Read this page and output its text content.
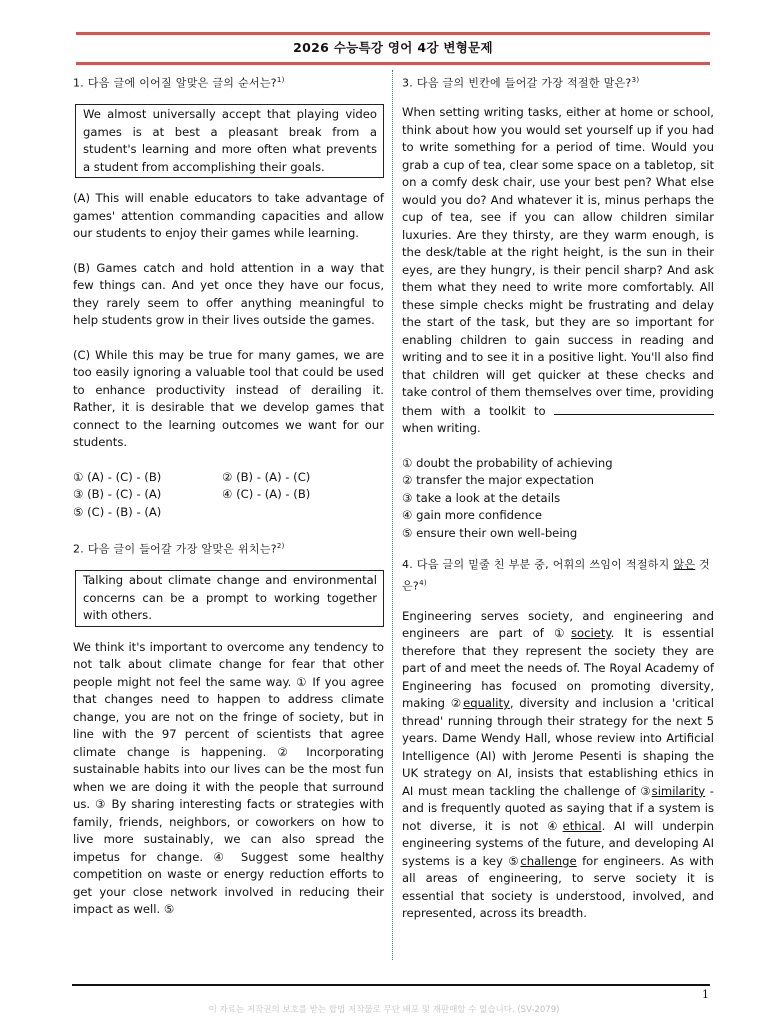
2026 수능특강 영어 4강 변형문제
1. 다음 글에 이어질 알맞은 글의 순서는?$^{1)}$
We almost universally accept that playing video games is at best a pleasant break from a student's learning and more often what prevents a student from accomplishing their goals.
(A) This will enable educators to take advantage of games' attention commanding capacities and allow our students to enjoy their games while learning.
(B) Games catch and hold attention in a way that few things can. And yet once they have our focus, they rarely seem to offer anything meaningful to help students grow in their lives outside the games.
(C) While this may be true for many games, we are too easily ignoring a valuable tool that could be used to enhance productivity instead of derailing it. Rather, it is desirable that we develop games that connect to the learning outcomes we want for our students.
① (A) - (C) - (B)	② (B) - (A) - (C)
③ (B) - (C) - (A)	④ (C) - (A) - (B)
⑤ (C) - (B) - (A)
2. 다음 글이 들어갈 가장 알맞은 위치는?$^{2)}$
Talking about climate change and environmental concerns can be a prompt to working together with others.
We think it's important to overcome any tendency to not talk about climate change for fear that other people might not feel the same way. ① If you agree that changes need to happen to address climate change, you are not on the fringe of society, but in line with the 97 percent of scientists that agree climate change is happening. ② Incorporating sustainable habits into our lives can be the most fun when we are doing it with the people that surround us. ③ By sharing interesting facts or strategies with family, friends, neighbors, or coworkers on how to live more sustainably, we can also spread the impetus for change. ④ Suggest some healthy competition on waste or energy reduction efforts to get your close network involved in reducing their impact as well. ⑤
3. 다음 글의 빈칸에 들어갈 가장 적절한 말은?$^{3)}$
When setting writing tasks, either at home or school, think about how you would set yourself up if you had to write something for a period of time. Would you grab a cup of tea, clear some space on a tabletop, sit on a comfy desk chair, use your best pen? What else would you do? And whatever it is, minus perhaps the cup of tea, see if you can allow children similar luxuries. Are they thirsty, are they warm enough, is the desk/table at the right height, is the sun in their eyes, are they hungry, is their pencil sharp? And ask them what they need to write more comfortably. All these simple checks might be frustrating and delay the start of the task, but they are so important for enabling children to gain success in reading and writing and to see it in a positive light. You'll also find that children will get quicker at these checks and take control of them themselves over time, providing them with a toolkit to  when writing.
① doubt the probability of achieving
② transfer the major expectation
③ take a look at the details
④ gain more confidence
⑤ ensure their own well-being
4. 다음 글의 밑줄 친 부분 중, 어휘의 쓰임이 적절하지 않은 것은?$^{4)}$
Engineering serves society, and engineering and engineers are part of ①society. It is essential therefore that they represent the society they are part of and meet the needs of. The Royal Academy of Engineering has focused on promoting diversity, making ②equality, diversity and inclusion a 'critical thread' running through their strategy for the next 5 years. Dame Wendy Hall, whose review into Artificial Intelligence (AI) with Jerome Pesenti is shaping the UK strategy on AI, insists that establishing ethics in AI must mean tackling the challenge of ③similarity - and is frequently quoted as saying that if a system is not diverse, it is not ④ethical. AI will underpin engineering systems of the future, and developing AI systems is a key ⑤challenge for engineers. As with all areas of engineering, to serve society it is essential that society is understood, involved, and represented, across its breadth.
1
이 자료는 저작권의 보호를 받는 합법 저작물로 무단 배포 및 재판매할 수 없습니다. (SV-2079)
